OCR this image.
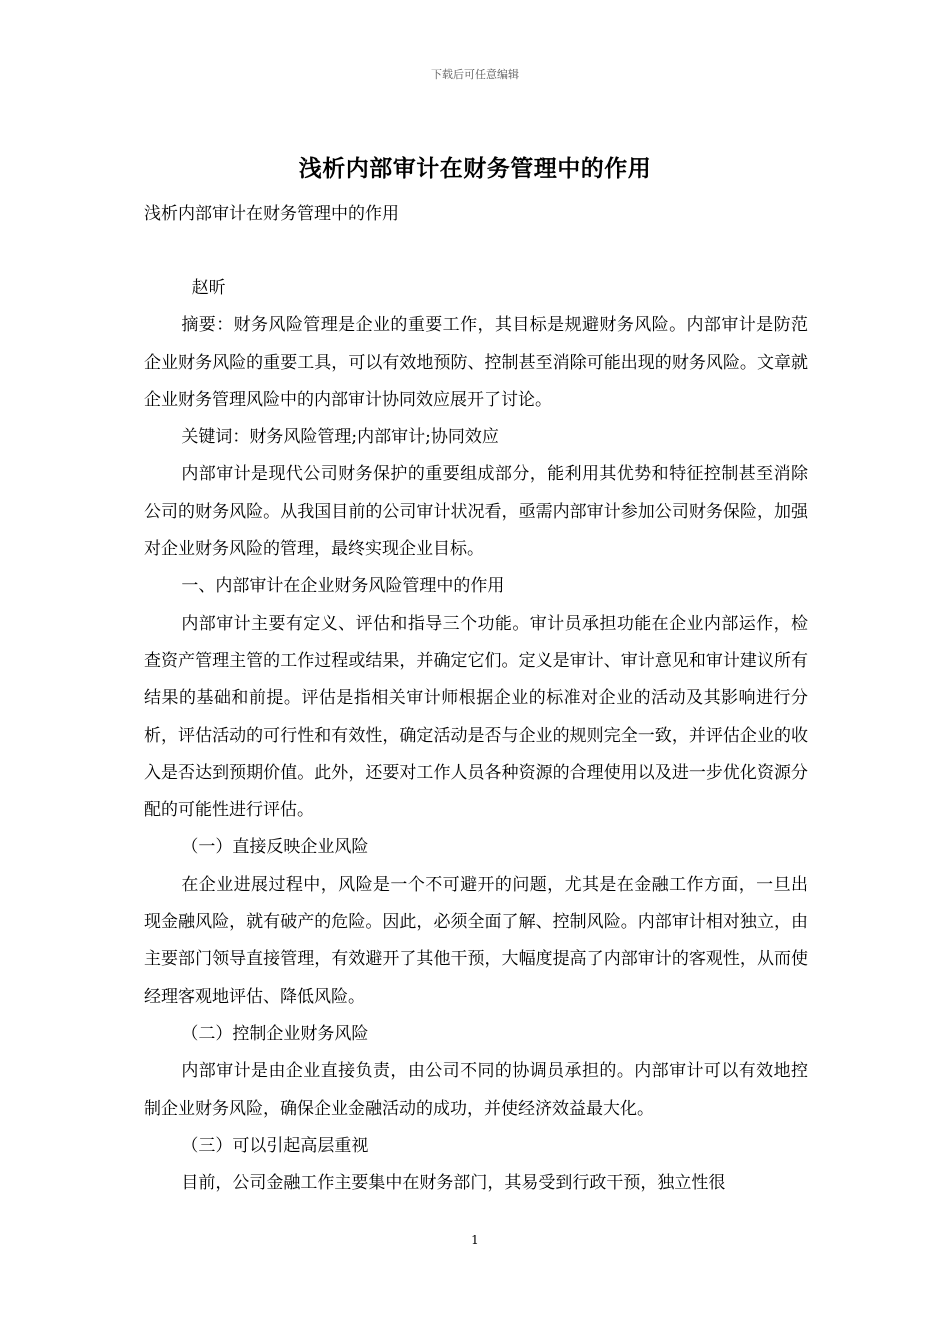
下载后可任意编辑
浅析内部审计在财务管理中的作用

浅析内部审计在财务管理中的作用

赵昕

摘要：财务风险管理是企业的重要工作，其目标是规避财务风险。内部审计是防范企业财务风险的重要工具，可以有效地预防、控制甚至消除可能出现的财务风险。文章就企业财务管理风险中的内部审计协同效应展开了讨论。

关键词：财务风险管理;内部审计;协同效应

内部审计是现代公司财务保护的重要组成部分，能利用其优势和特征控制甚至消除公司的财务风险。从我国目前的公司审计状况看，亟需内部审计参加公司财务保险，加强对企业财务风险的管理，最终实现企业目标。

一、内部审计在企业财务风险管理中的作用

内部审计主要有定义、评估和指导三个功能。审计员承担功能在企业内部运作，检查资产管理主管的工作过程或结果，并确定它们。定义是审计、审计意见和审计建议所有结果的基础和前提。评估是指相关审计师根据企业的标准对企业的活动及其影响进行分析，评估活动的可行性和有效性，确定活动是否与企业的规则完全一致，并评估企业的收入是否达到预期价值。此外，还要对工作人员各种资源的合理使用以及进一步优化资源分配的可能性进行评估。

（一）直接反映企业风险

在企业进展过程中，风险是一个不可避开的问题，尤其是在金融工作方面，一旦出现金融风险，就有破产的危险。因此，必须全面了解、控制风险。内部审计相对独立，由主要部门领导直接管理，有效避开了其他干预，大幅度提高了内部审计的客观性，从而使经理客观地评估、降低风险。

（二）控制企业财务风险

内部审计是由企业直接负责，由公司不同的协调员承担的。内部审计可以有效地控制企业财务风险，确保企业金融活动的成功，并使经济效益最大化。

（三）可以引起高层重视

目前，公司金融工作主要集中在财务部门，其易受到行政干预，独立性很

1
